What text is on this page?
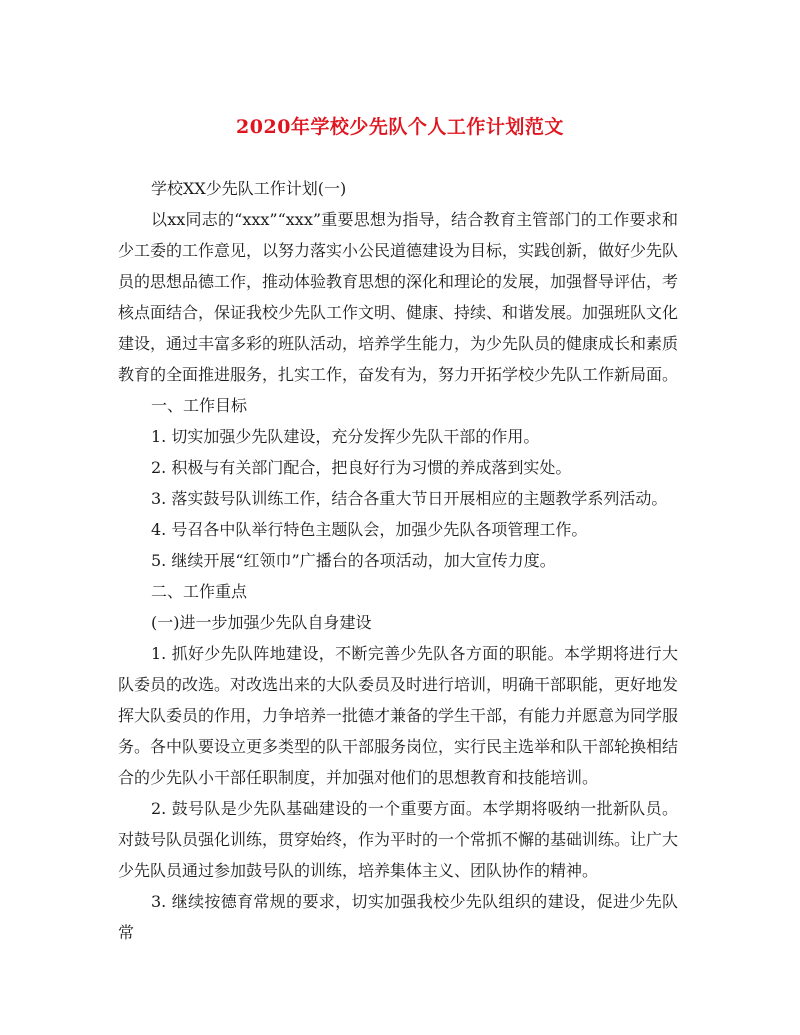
2020年学校少先队个人工作计划范文

学校XX少先队工作计划(一)

以xx同志的“xxx”“xxx”重要思想为指导，结合教育主管部门的工作要求和少工委的工作意见，以努力落实小公民道德建设为目标，实践创新，做好少先队员的思想品德工作，推动体验教育思想的深化和理论的发展，加强督导评估，考核点面结合，保证我校少先队工作文明、健康、持续、和谐发展。加强班队文化建设，通过丰富多彩的班队活动，培养学生能力，为少先队员的健康成长和素质教育的全面推进服务，扎实工作，奋发有为，努力开拓学校少先队工作新局面。

一、工作目标

1. 切实加强少先队建设，充分发挥少先队干部的作用。

2. 积极与有关部门配合，把良好行为习惯的养成落到实处。

3. 落实鼓号队训练工作，结合各重大节日开展相应的主题教学系列活动。

4. 号召各中队举行特色主题队会，加强少先队各项管理工作。

5. 继续开展“红领巾”广播台的各项活动，加大宣传力度。

二、工作重点

(一)进一步加强少先队自身建设

1. 抓好少先队阵地建设，不断完善少先队各方面的职能。本学期将进行大队委员的改选。对改选出来的大队委员及时进行培训，明确干部职能，更好地发挥大队委员的作用，力争培养一批德才兼备的学生干部，有能力并愿意为同学服务。各中队要设立更多类型的队干部服务岗位，实行民主选举和队干部轮换相结合的少先队小干部任职制度，并加强对他们的思想教育和技能培训。

2. 鼓号队是少先队基础建设的一个重要方面。本学期将吸纳一批新队员。对鼓号队员强化训练，贯穿始终，作为平时的一个常抓不懈的基础训练。让广大少先队员通过参加鼓号队的训练，培养集体主义、团队协作的精神。

3. 继续按德育常规的要求，切实加强我校少先队组织的建设，促进少先队常
